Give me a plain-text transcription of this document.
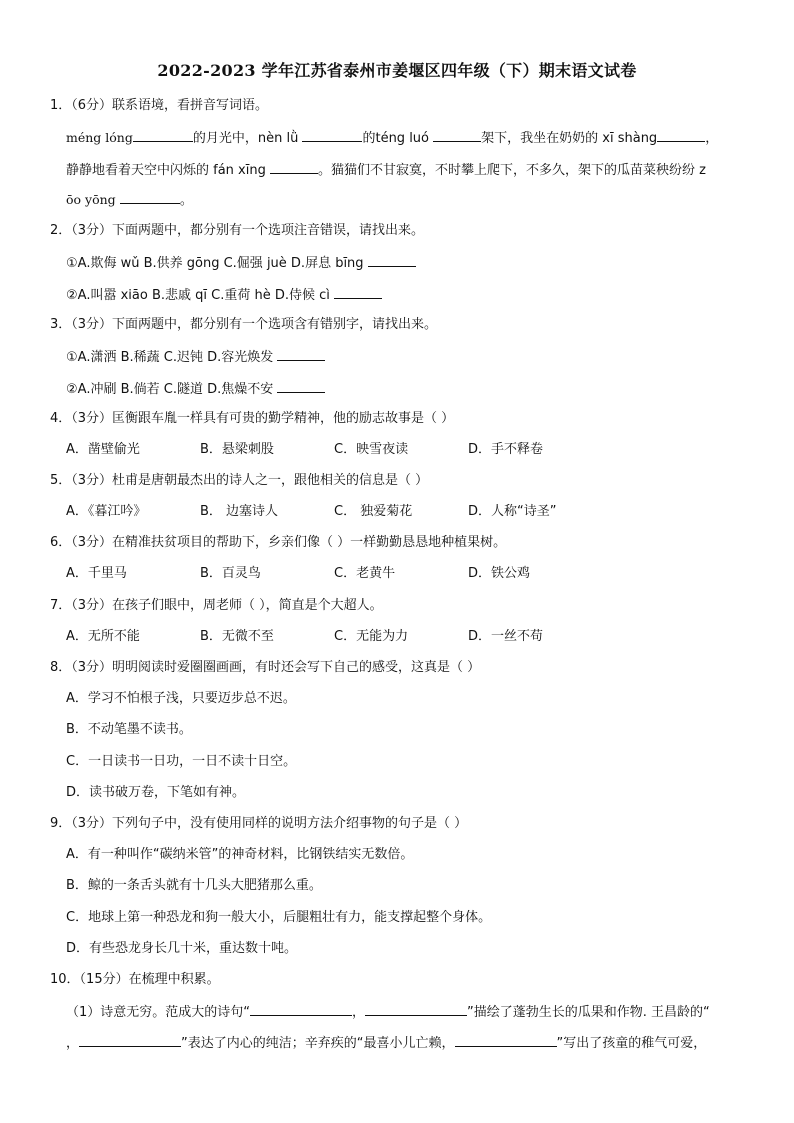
2022-2023 学年江苏省泰州市姜堰区四年级（下）期末语文试卷
1．（6分）联系语境，看拼音写词语。
méng lóng	的月光中，nèn lǜ	的téng luó	架下，我坐在奶奶的 xī shàng	，
静静地看着天空中闪烁的 fán xīng	。猫猫们不甘寂寞，不时攀上爬下，不多久，架下的瓜苗菜秧纷纷 z
ōo yōng	。
2．（3分）下面两题中，都分别有一个选项注音错误，请找出来。
①A.欺侮 wǔ B.供养 gōng C.倔强 juè D.屏息 bīng
②A.叫嚣 xiāo B.悲戚 qī C.重荷 hè D.侍候 cì
3．（3分）下面两题中，都分别有一个选项含有错别字，请找出来。
①A.潇洒 B.稀蔬 C.迟钝 D.容光焕发
②A.冲刷 B.倘若 C.隧道 D.焦燥不安
4．（3分）匡衡跟车胤一样具有可贵的勤学精神，他的励志故事是（ ）
A．凿壁偷光	B．悬梁刺股	C．映雪夜读	D．手不释卷
5．（3分）杜甫是唐朝最杰出的诗人之一，跟他相关的信息是（ ）
A．《暮江吟》	B． 边塞诗人	C． 独爱菊花	D．人称“诗圣”
6．（3分）在精准扶贫项目的帮助下，乡亲们像（ ）一样勤勤恳恳地种植果树。
A．千里马	B．百灵鸟	C．老黄牛	D．铁公鸡
7．（3分）在孩子们眼中，周老师（ ），简直是个大超人。
A．无所不能	B．无微不至	C．无能为力	D．一丝不苟
8．（3分）明明阅读时爱圈圈画画，有时还会写下自己的感受，这真是（ ）
A．学习不怕根子浅，只要迈步总不迟。
B．不动笔墨不读书。
C．一日读书一日功，一日不读十日空。
D．读书破万卷，下笔如有神。
9．（3分）下列句子中，没有使用同样的说明方法介绍事物的句子是（ ）
A．有一种叫作“碳纳米管”的神奇材料，比钢铁结实无数倍。
B．鲸的一条舌头就有十几头大肥猪那么重。
C．地球上第一种恐龙和狗一般大小，后腿粗壮有力，能支撑起整个身体。
D．有些恐龙身长几十米，重达数十吨。
10．（15分）在梳理中积累。
（1）诗意无穷。范成大的诗句“	，	”描绘了蓬勃生长的瓜果和作物. 王昌龄的“
，	”表达了内心的纯洁；辛弃疾的“最喜小儿亡赖，	”写出了孩童的稚气可爱，
